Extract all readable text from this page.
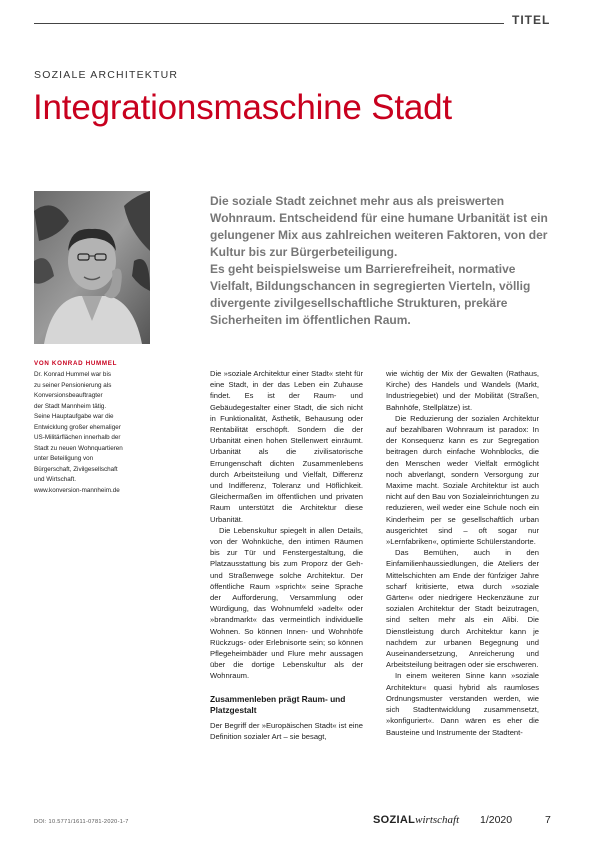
TITEL
SOZIALE ARCHITEKTUR
Integrationsmaschine Stadt

Die soziale Stadt zeichnet mehr aus als preiswerten Wohnraum. Entscheidend für eine humane Urbanität ist ein gelungener Mix aus zahlreichen weiteren Faktoren, von der Kultur bis zur Bürgerbeteiligung.

Es geht beispielsweise um Barrierefreiheit, normative Vielfalt, Bildungschancen in segregierten Vierteln, völlig divergente zivilgesellschaftliche Strukturen, prekäre Sicherheiten im öffentlichen Raum.

VON KONRAD HUMMEL

Dr. Konrad Hummel war bis

zu seiner Pensionierung als

Konversionsbeauftragter

der Stadt Mannheim tätig.

Seine Hauptaufgabe war die

Entwicklung großer ehemaliger

US-Militärflächen innerhalb der

Stadt zu neuen Wohnquartieren

unter Beteiligung von

Bürgerschaft, Zivilgesellschaft

und Wirtschaft.

www.konversion-mannheim.de

Die »soziale Architektur einer Stadt« steht für eine Stadt, in der das Leben ein Zuhause findet. Es ist der Raum- und Gebäudegestalter einer Stadt, die sich nicht in Funktionalität, Ästhetik, Behausung oder Rentabilität erschöpft. Sondern die der Urbanität einen hohen Stellenwert einräumt. Urbanität als die zivilisatorische Errungenschaft dichten Zusammenlebens durch Arbeitsteilung und Vielfalt, Differenz und Indifferenz, Toleranz und Höflichkeit. Gleichermaßen im öffentlichen und privaten Raum unterstützt die Architektur diese Urbanität.

Die Lebenskultur spiegelt in allen Details, von der Wohnküche, den intimen Räumen bis zur Tür und Fenstergestaltung, die Platzausstattung bis zum Proporz der Geh- und Straßenwege solche Architektur. Der öffentliche Raum »spricht« seine Sprache der Aufforderung, Versammlung oder Würdigung, das Wohnumfeld »adelt« oder »brandmarkt« das vermeintlich individuelle Wohnen. So können Innen- und Wohnhöfe Rückzugs- oder Erlebnisorte sein; so können Pflegeheimbäder und Flure mehr aussagen über die dortige Lebenskultur als der Wohnraum.

Zusammenleben prägt Raum- und Platzgestalt

Der Begriff der »Europäischen Stadt« ist eine Definition sozialer Art – sie besagt,

wie wichtig der Mix der Gewalten (Rathaus, Kirche) des Handels und Wandels (Markt, Industriegebiet) und der Mobilität (Straßen, Bahnhöfe, Stellplätze) ist.

Die Reduzierung der sozialen Architektur auf bezahlbaren Wohnraum ist paradox: In der Konsequenz kann es zur Segregation beitragen durch einfache Wohnblocks, die den Menschen weder Vielfalt ermöglicht noch abverlangt, sondern Versorgung zur Maxime macht. Soziale Architektur ist auch nicht auf den Bau von Sozialeinrichtungen zu reduzieren, weil weder eine Schule noch ein Kinderheim per se gesellschaftlich urban ausgerichtet sind – oft sogar nur »Lernfabriken«, optimierte Schülerstandorte.

Das Bemühen, auch in den Einfamilienhaussiedlungen, die Ateliers der Mittelschichten am Ende der fünfziger Jahre scharf kritisierte, etwa durch »soziale Gärten« oder niedrigere Heckenzäune zur sozialen Architektur der Stadt beizutragen, sind selten mehr als ein Alibi. Die Dienstleistung durch Architektur kann je nachdem zur urbanen Begegnung und Auseinandersetzung, Anreicherung und Arbeitsteilung beitragen oder sie erschweren.

In einem weiteren Sinne kann »soziale Architektur« quasi hybrid als raumloses Ordnungsmuster verstanden werden, wie sich Stadtentwicklung zusammensetzt, »konfiguriert«. Dann wären es eher die Bausteine und Instrumente der Stadtent-

DOI: 10.5771/1611-0781-2020-1-7	SOZIALwirtschaft 1/2020	7
